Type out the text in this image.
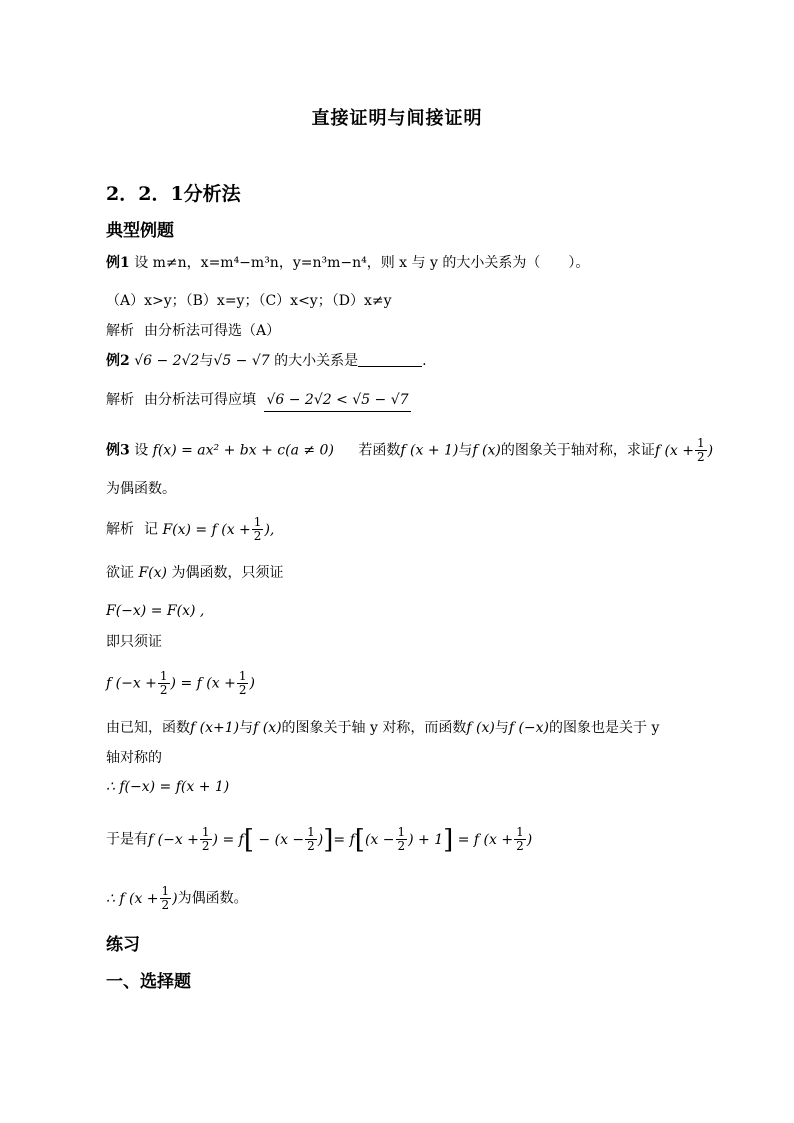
直接证明与间接证明
2．2．1分析法
典型例题
例1 设 m≠n，x=m⁴−m³n，y=n³m−n⁴，则 x 与 y 的大小关系为（　　）。
（A）x>y；（B）x=y；（C）x<y；（D）x≠y
解析 由分析法可得选（A）
例2 √6 − 2√2与√5 − √7 的大小关系是	.
解析 由分析法可得应填 √6 − 2√2 < √5 − √7
例3 设 f(x) = ax² + bx + c(a ≠ 0) 若函数f (x + 1)与f (x)的图象关于轴对称，求证f ($x + \frac{1}{2}$ )
为偶函数。
解析 记 F(x) = f ($x + \frac{1}{2}$ ),
欲证 F(x) 为偶函数，只须证
F(−x) = F(x) ,
即只须证
f ($-x + \frac{1}{2}$ ) = f ($x + \frac{1}{2}$ )
由已知，函数f (x+1)与f (x)的图象关于轴 y 对称，而函数f (x)与f (−x)的图象也是关于 y
轴对称的
∴ f(−x) = f(x + 1)
于是有f ($-x + \frac{1}{2}$ ) = $f[ - (x - \frac{1}{2}$ )]= $f[(x - \frac{1}{2}$ ) + 1] = f ($x + \frac{1}{2}$ )
∴ f ($x + \frac{1}{2}$ )为偶函数。
练习
一、选择题
